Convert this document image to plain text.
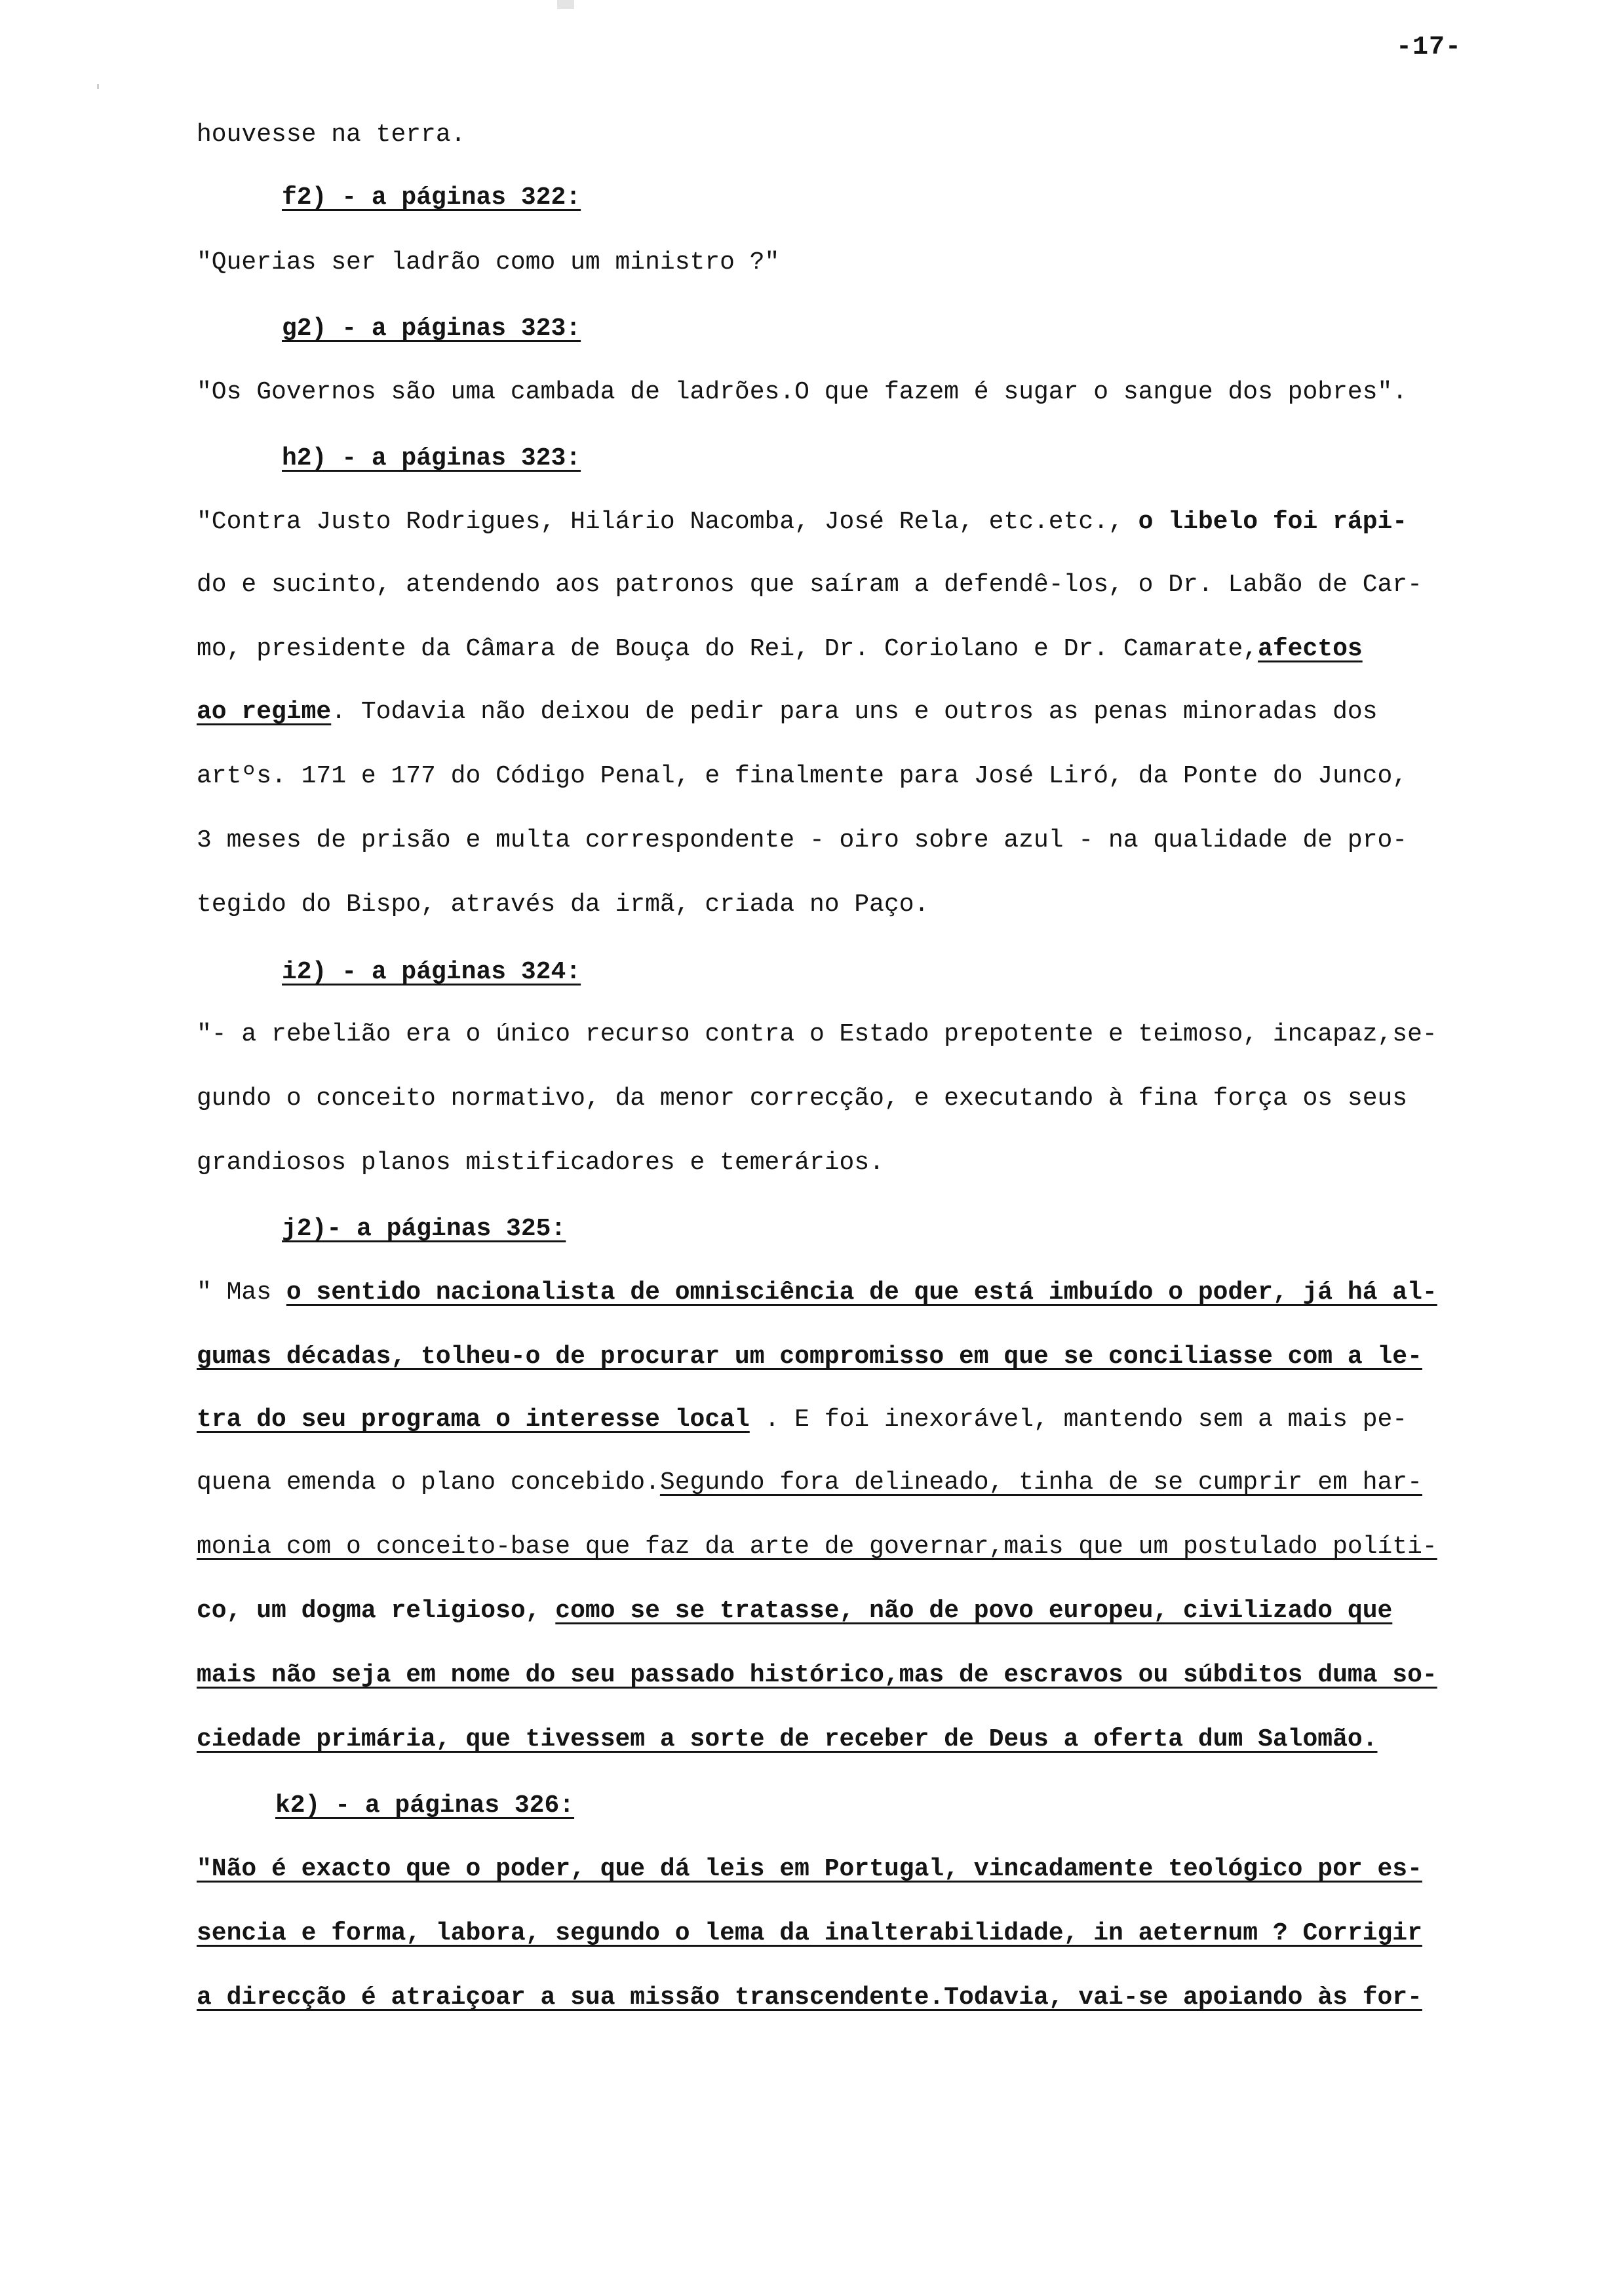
-17-
houvesse na terra.
f2) - a páginas 322:
"Querias ser ladrão como um ministro ?"
g2) - a páginas 323:
"Os Governos são uma cambada de ladrões.O que fazem é sugar o sangue dos pobres".
h2) - a páginas 323:
"Contra Justo Rodrigues, Hilário Nacomba, José Rela, etc.etc., o libelo foi rápi-
do e sucinto, atendendo aos patronos que saíram a defendê-los, o Dr. Labão de Car-
mo, presidente da Câmara de Bouça do Rei, Dr. Coriolano e Dr. Camarate,afectos
ao regime. Todavia não deixou de pedir para uns e outros as penas minoradas dos
artºs. 171 e 177 do Código Penal, e finalmente para José Liró, da Ponte do Junco,
3 meses de prisão e multa correspondente - oiro sobre azul - na qualidade de pro-
tegido do Bispo, através da irmã, criada no Paço.
i2) - a páginas 324:
"- a rebelião era o único recurso contra o Estado prepotente e teimoso, incapaz,se-
gundo o conceito normativo, da menor correcção, e executando à fina força os seus
grandiosos planos mistificadores e temerários.
j2)- a páginas 325:
" Mas o sentido nacionalista de omnisciência de que está imbuído o poder, já há al-
gumas décadas, tolheu-o de procurar um compromisso em que se conciliasse com a le-
tra do seu programa o interesse local . E foi inexorável, mantendo sem a mais pe-
quena emenda o plano concebido.Segundo fora delineado, tinha de se cumprir em har-
monia com o conceito-base que faz da arte de governar,mais que um postulado políti-
co, um dogma religioso, como se se tratasse, não de povo europeu, civilizado que
mais não seja em nome do seu passado histórico,mas de escravos ou súbditos duma so-
ciedade primária, que tivessem a sorte de receber de Deus a oferta dum Salomão.
k2) - a páginas 326:
"Não é exacto que o poder, que dá leis em Portugal, vincadamente teológico por es-
sencia e forma, labora, segundo o lema da inalterabilidade, in aeternum ? Corrigir
a direcção é atraiçoar a sua missão transcendente.Todavia, vai-se apoiando às for-
